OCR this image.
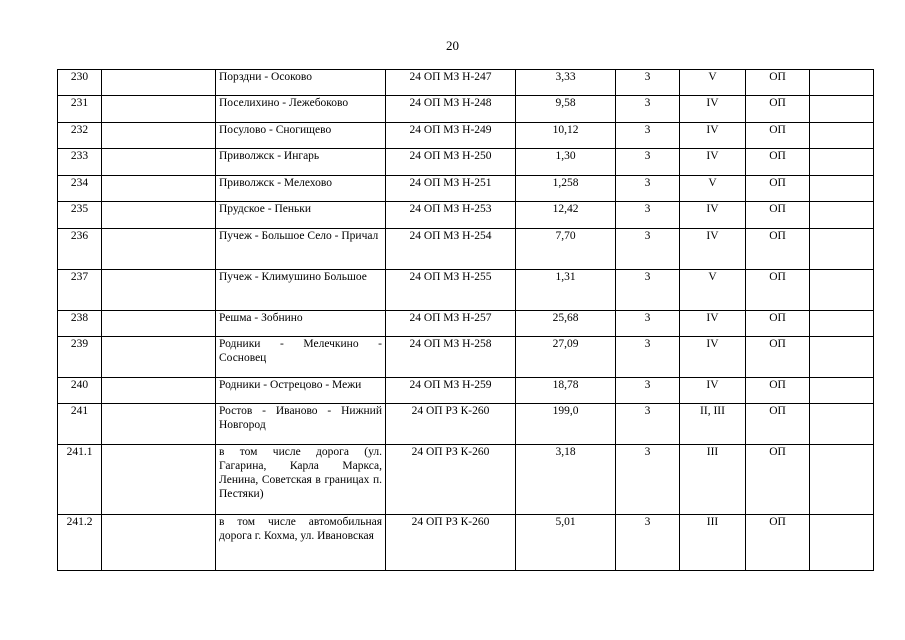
20
230		Порздни - Осоково	24 ОП МЗ Н-247	3,33	3	V	ОП	
231		Поселихино - Лежебоково	24 ОП МЗ Н-248	9,58	3	IV	ОП	
232		Посулово - Сногищево	24 ОП МЗ Н-249	10,12	3	IV	ОП	
233		Приволжск - Ингарь	24 ОП МЗ Н-250	1,30	3	IV	ОП	
234		Приволжск - Мелехово	24 ОП МЗ Н-251	1,258	3	V	ОП	
235		Прудское - Пеньки	24 ОП МЗ Н-253	12,42	3	IV	ОП	
236		Пучеж - Большое Село - Причал	24 ОП МЗ Н-254	7,70	3	IV	ОП	
237		Пучеж - Климушино Большое	24 ОП МЗ Н-255	1,31	3	V	ОП	
238		Решма - Зобнино	24 ОП МЗ Н-257	25,68	3	IV	ОП	
239		Родники - Мелечкино - Сосновец	24 ОП МЗ Н-258	27,09	3	IV	ОП	
240		Родники - Острецово - Межи	24 ОП МЗ Н-259	18,78	3	IV	ОП	
241		Ростов - Иваново - Нижний Новгород	24 ОП РЗ К-260	199,0	3	II, III	ОП	
241.1		в том числе дорога (ул. Гагарина, Карла Маркса, Ленина, Советская в границах п. Пестяки)	24 ОП РЗ К-260	3,18	3	III	ОП	
241.2		в том числе автомобильная дорога г. Кохма, ул. Ивановская	24 ОП РЗ К-260	5,01	3	III	ОП	
